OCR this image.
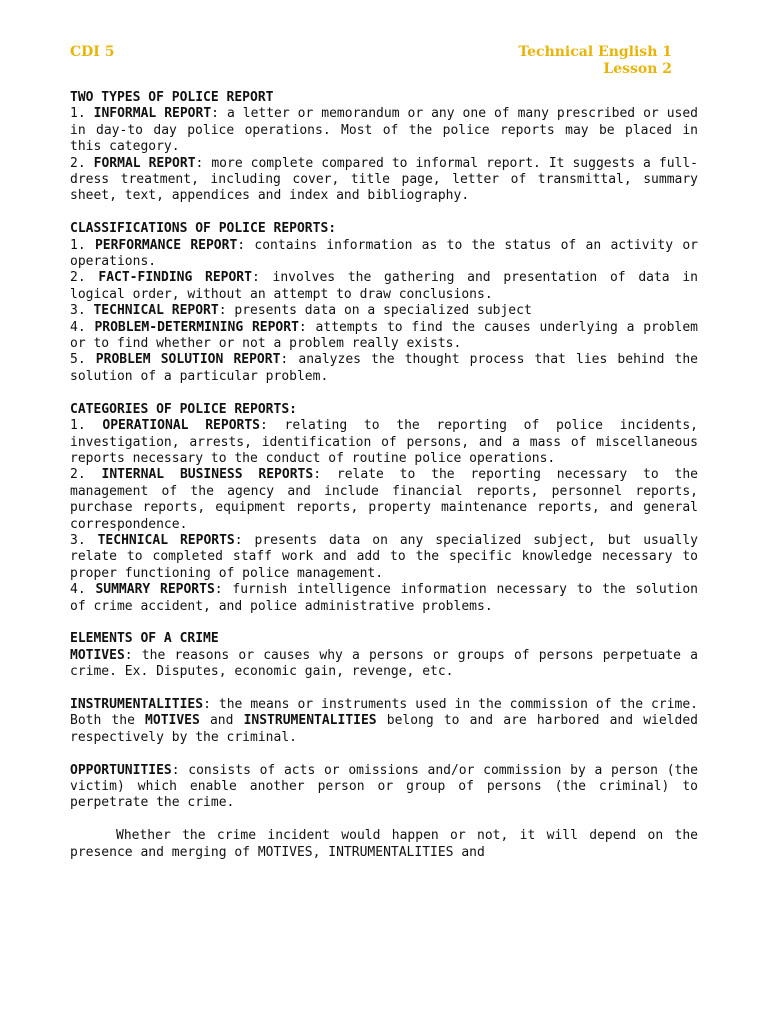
CDI 5	Technical English 1
Lesson 2

TWO TYPES OF POLICE REPORT

1. INFORMAL REPORT: a letter or memorandum or any one of many prescribed or used in day-to day police operations. Most of the police reports may be placed in this category.

2. FORMAL REPORT: more complete compared to informal report. It suggests a full-dress treatment, including cover, title page, letter of transmittal, summary sheet, text, appendices and index and bibliography.

CLASSIFICATIONS OF POLICE REPORTS:

1. PERFORMANCE REPORT: contains information as to the status of an activity or operations.

2. FACT-FINDING REPORT: involves the gathering and presentation of data in logical order, without an attempt to draw conclusions.

3. TECHNICAL REPORT: presents data on a specialized subject

4. PROBLEM-DETERMINING REPORT: attempts to find the causes underlying a problem or to find whether or not a problem really exists.

5. PROBLEM SOLUTION REPORT: analyzes the thought process that lies behind the solution of a particular problem.

CATEGORIES OF POLICE REPORTS:

1. OPERATIONAL REPORTS: relating to the reporting of police incidents, investigation, arrests, identification of persons, and a mass of miscellaneous reports necessary to the conduct of routine police operations.

2. INTERNAL BUSINESS REPORTS: relate to the reporting necessary to the management of the agency and include financial reports, personnel reports, purchase reports, equipment reports, property maintenance reports, and general correspondence.

3. TECHNICAL REPORTS: presents data on any specialized subject, but usually relate to completed staff work and add to the specific knowledge necessary to proper functioning of police management.

4. SUMMARY REPORTS: furnish intelligence information necessary to the solution of crime accident, and police administrative problems.

ELEMENTS OF A CRIME

MOTIVES: the reasons or causes why a persons or groups of persons perpetuate a crime. Ex. Disputes, economic gain, revenge, etc.

INSTRUMENTALITIES: the means or instruments used in the commission of the crime. Both the MOTIVES and INSTRUMENTALITIES belong to and are harbored and wielded respectively by the criminal.

OPPORTUNITIES: consists of acts or omissions and/or commission by a person (the victim) which enable another person or group of persons (the criminal) to perpetrate the crime.

Whether the crime incident would happen or not, it will depend on the presence and merging of MOTIVES, INTRUMENTALITIES and
